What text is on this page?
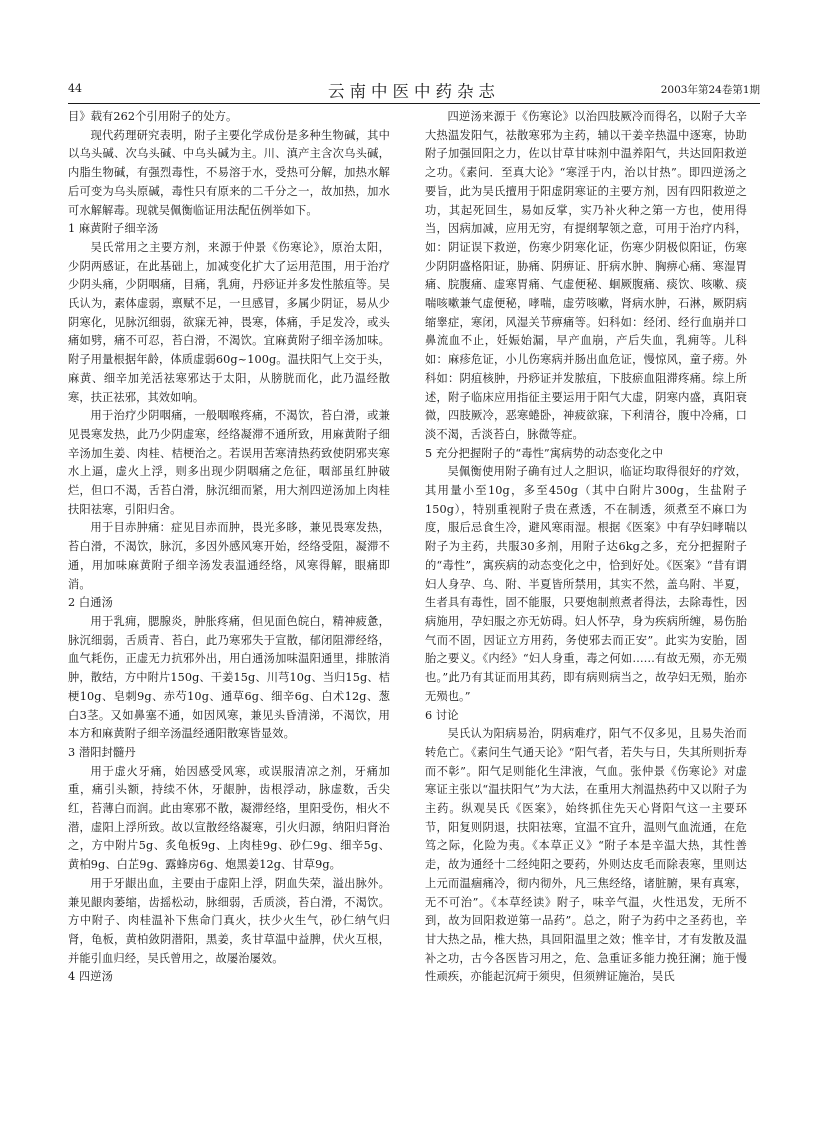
44	云南中医中药杂志	2003年第24卷第1期

目》载有262个引用附子的处方。

现代药理研究表明，附子主要化学成份是多种生物碱，其中以乌头碱、次乌头碱、中乌头碱为主。川、滇产主含次乌头碱，内脂生物碱，有强烈毒性，不易溶于水，受热可分解，加热水解后可变为乌头原碱，毒性只有原来的二千分之一，故加热，加水可水解解毒。现就吴佩衡临证用法配伍例举如下。

1 麻黄附子细辛汤

吴氏常用之主要方剂，来源于仲景《伤寒论》，原治太阳，少阴两感证，在此基础上，加减变化扩大了运用范围，用于治疗少阴头痛，少阴咽痛，目痛，乳痈，丹痧证并多发性脓疽等。吴氏认为，素体虚弱，禀赋不足，一旦感冒，多属少阴证，易从少阴寒化，见脉沉细弱，欲寐无神，畏寒，体痛，手足发冷，或头痛如劈，痛不可忍，苔白滑，不渴饮。宜麻黄附子细辛汤加味。附子用量根据年龄，体质虚弱60g~100g。温扶阳气上交于头，麻黄、细辛加羌活祛寒邪达于太阳，从膀胱而化，此乃温经散寒，扶正祛邪，其效如响。

用于治疗少阴咽痛，一般咽喉疼痛，不渴饮，苔白滑，或兼见畏寒发热，此乃少阴虚寒，经络凝滞不通所致，用麻黄附子细辛汤加生姜、肉桂、桔梗治之。若误用苦寒清热药致使阴邪夹寒水上逼，虚火上浮，则多出现少阴咽痛之危征，咽部虽红肿破烂，但口不渴，舌苔白滑，脉沉细而紧，用大剂四逆汤加上肉桂扶阳祛寒，引阳归舍。

用于目赤肿痛：症见目赤而肿，畏光多眵，兼见畏寒发热，苔白滑，不渴饮，脉沉，多因外感风寒开始，经络受阻，凝滞不通，用加味麻黄附子细辛汤发表温通经络，风寒得解，眼痛即消。

2 白通汤

用于乳痈，腮腺炎，肿胀疼痛，但见面色皖白，精神疲惫，脉沉细弱，舌质青、苔白，此乃寒邪失于宣散，郁闭阻滞经络，血气耗伤，正虚无力抗邪外出，用白通汤加味温阳通里，排脓消肿，散结，方中附片150g、干姜15g、川芎10g、当归15g、桔梗10g、皂刺9g、赤芍10g、通草6g、细辛6g、白术12g、葱白3茎。又如鼻塞不通，如因风寒，兼见头昏清涕，不渴饮，用本方和麻黄附子细辛汤温经通阳散寒皆显效。

3 潜阳封髓丹

用于虚火牙痛，始因感受风寒，或误服清凉之剂，牙痛加重，痛引头额，持续不休，牙龈肿，齿根浮动，脉虚数，舌尖红，苔薄白而润。此由寒邪不散，凝滞经络，里阳受伤，相火不潜，虚阳上浮所致。故以宣散经络凝寒，引火归源，纳阳归肾治之，方中附片5g、炙龟板9g、上肉桂9g、砂仁9g、细辛5g、黄柏9g、白芷9g、露蜂房6g、炮黑姜12g、甘草9g。

用于牙龈出血，主要由于虚阳上浮，阴血失荣，溢出脉外。兼见龈肉萎缩，齿摇松动，脉细弱，舌质淡，苔白滑，不渴饮。方中附子、肉桂温补下焦命门真火，扶少火生气，砂仁纳气归肾，龟板，黄柏敛阴潜阳，黑姜，炙甘草温中益脾，伏火互根，并能引血归经，吴氏曾用之，故屡治屡效。

4 四逆汤

四逆汤来源于《伤寒论》以治四肢厥冷而得名，以附子大辛大热温发阳气，祛散寒邪为主药，辅以干姜辛热温中逐寒，协助附子加强回阳之力，佐以甘草甘味剂中温养阳气，共达回阳救逆之功。《素问．至真大论》“寒淫于内，治以甘热”。即四逆汤之要旨，此为吴氏擅用于阳虚阴寒证的主要方剂，因有四阳救逆之功，其起死回生，易如反掌，实乃补火种之第一方也，使用得当，因病加减，应用无穷，有提纲挈领之意，可用于治疗内科，如：阴证误下救逆，伤寒少阴寒化证，伤寒少阴极似阳证，伤寒少阴阴盛格阳证，胁痛、阴痹证、肝病水肿、胸痹心痛、寒湿胃痛、脘腹痛、虚寒胃痛、气虚便秘、蛔厥腹痛、痰饮、咳嗽、痰喘咳嗽兼气虚便秘，哮喘，虚劳咳嗽，肾病水肿，石淋，厥阴病缩睾症，寒闭，风湿关节痹痛等。妇科如：经闭、经行血崩并口鼻流血不止，妊娠始漏，早产血崩，产后失血，乳痈等。儿科如：麻疹危证，小儿伤寒病并肠出血危证，慢惊风，童子痨。外科如：阴疽核肿，丹痧证并发脓疽，下肢瘀血阻滞疼痛。综上所述，附子临床应用指征主要运用于阳气大虚，阴寒内盛，真阳衰微，四肢厥冷，恶寒蜷卧，神疲欲寐，下利清谷，腹中冷痛，口淡不渴，舌淡苔白，脉微等症。

5 充分把握附子的“毒性”寓病势的动态变化之中

吴佩衡使用附子确有过人之胆识，临证均取得很好的疗效，其用量小至10g，多至450g（其中白附片300g，生盐附子150g），特别重视附子贵在煮透，不在制透，须煮至不麻口为度，服后忌食生冷，避风寒雨湿。根据《医案》中有孕妇哮喘以附子为主药，共服30多剂，用附子达6kg之多，充分把握附子的“毒性”，寓疾病的动态变化之中，恰到好处。《医案》“昔有谓妇人身孕、乌、附、半夏皆所禁用，其实不然，盖乌附、半夏，生者具有毒性，固不能服，只要炮制煎煮者得法，去除毒性，因病施用，孕妇服之亦无妨碍。妇人怀孕，身为疾病所缠，易伤胎气而不固，因证立方用药，务使邪去而正安”。此实为安胎，固胎之要义。《内经》“妇人身重，毒之何如……有故无殒，亦无殒也。”此乃有其证而用其药，即有病则病当之，故孕妇无殒，胎亦无殒也。”

6 讨论

吴氏认为阳病易治，阴病难疗，阳气不仅多见，且易失治而转危亡。《素问生气通天论》“阳气者，若失与日，失其所则折寿而不彰”。阳气足则能化生津液，气血。张仲景《伤寒论》对虚寒证主张以“温扶阳气”为大法，在重用大剂温热药中又以附子为主药。纵观吴氏《医案》，始终抓住先天心肾阳气这一主要环节，阳复则阴退，扶阳祛寒，宜温不宜升，温则气血流通，在危笃之际，化险为夷。《本草正义》“附子本是辛温大热，其性善走，故为通经十二经纯阳之要药，外则达皮毛而除表寒，里则达上元而温痼痛冷，彻内彻外，凡三焦经络，诸脏腑，果有真寒，无不可治”。《本草经读》附子，味辛气温，火性迅发，无所不到，故为回阳救逆第一品药”。总之，附子为药中之圣药也，辛甘大热之品，椎大热，具回阳温里之效；惟辛甘，才有发散及温补之功，古今各医皆习用之，危、急重证多能力挽狂澜；施于慢性顽疾，亦能起沉疴于须臾，但须辨证施治，吴氏
